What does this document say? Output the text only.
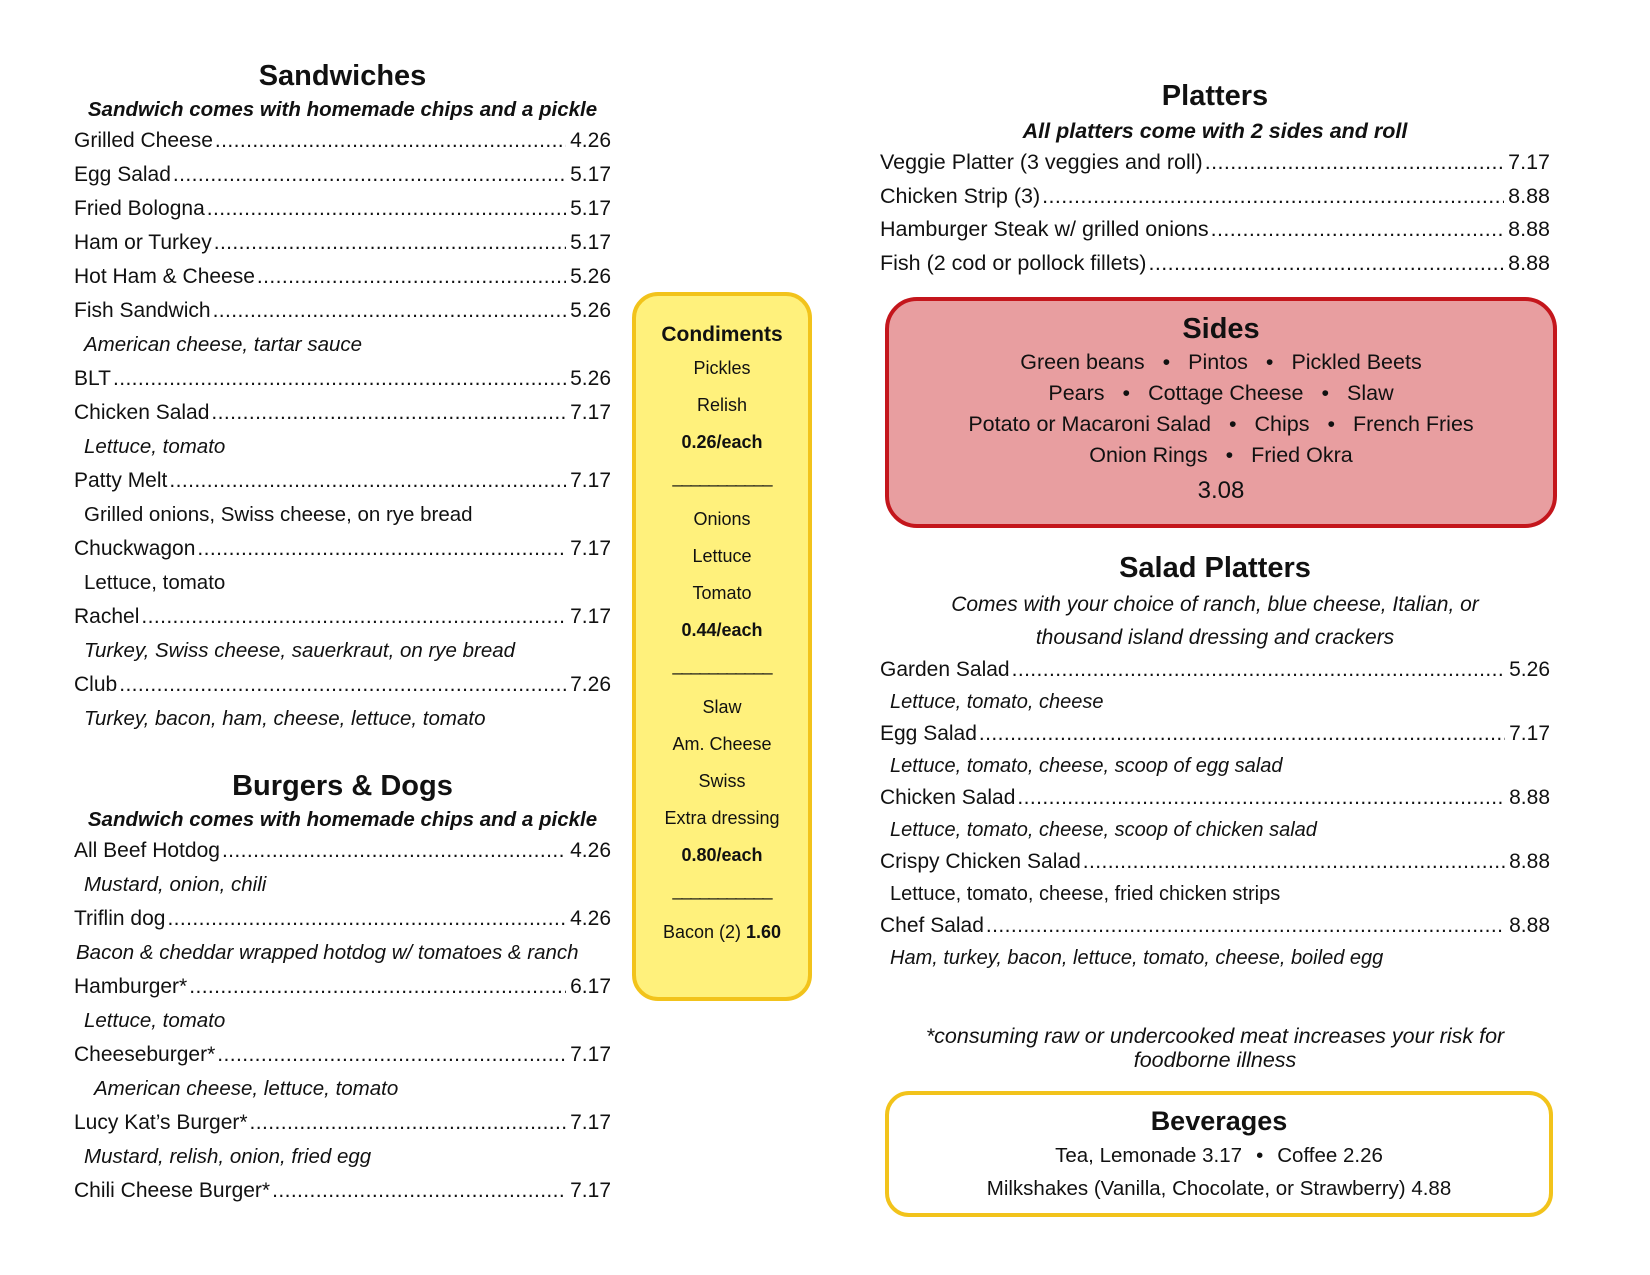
Sandwiches
Sandwich comes with homemade chips and a pickle
Grilled Cheese .....	4.26
Egg Salad .....	5.17
Fried Bologna .....	5.17
Ham or Turkey .....	5.17
Hot Ham & Cheese .....	5.26
Fish Sandwich .....	5.26
American cheese, tartar sauce
BLT .....	5.26
Chicken Salad .....	7.17
Lettuce, tomato
Patty Melt .....	7.17
Grilled onions, Swiss cheese, on rye bread
Chuckwagon .....	7.17
Lettuce, tomato
Rachel .....	7.17
Turkey, Swiss cheese, sauerkraut, on rye bread
Club .....	7.26
Turkey, bacon, ham, cheese, lettuce, tomato
Burgers & Dogs
Sandwich comes with homemade chips and a pickle
All Beef Hotdog .....	4.26
Mustard, onion, chili
Triflin dog .....	4.26
Bacon & cheddar wrapped hotdog w/ tomatoes & ranch
Hamburger* .....	6.17
Lettuce, tomato
Cheeseburger* .....	7.17
American cheese, lettuce, tomato
Lucy Kat’s Burger* .....	7.17
Mustard, relish, onion, fried egg
Chili Cheese Burger* .....	7.17
Condiments
Pickles
Relish
0.26/each
___________
Onions
Lettuce
Tomato
0.44/each
___________
Slaw
Am. Cheese
Swiss
Extra dressing
0.80/each
___________
Bacon (2) 1.60
Platters
All platters come with 2 sides and roll
Veggie Platter (3 veggies and roll) .....	7.17
Chicken Strip (3) .....	8.88
Hamburger Steak w/ grilled onions .....	8.88
Fish (2 cod or pollock fillets) .....	8.88
Sides
Green beans • Pintos • Pickled Beets
Pears • Cottage Cheese • Slaw
Potato or Macaroni Salad • Chips • French Fries
Onion Rings • Fried Okra
3.08
Salad Platters
Comes with your choice of ranch, blue cheese, Italian, or
thousand island dressing and crackers
Garden Salad .....	5.26
Lettuce, tomato, cheese
Egg Salad .....	7.17
Lettuce, tomato, cheese, scoop of egg salad
Chicken Salad .....	8.88
Lettuce, tomato, cheese, scoop of chicken salad
Crispy Chicken Salad .....	8.88
Lettuce, tomato, cheese, fried chicken strips
Chef Salad .....	8.88
Ham, turkey, bacon, lettuce, tomato, cheese, boiled egg
*consuming raw or undercooked meat increases your risk for
foodborne illness
Beverages
Tea, Lemonade 3.17 • Coffee 2.26
Milkshakes (Vanilla, Chocolate, or Strawberry) 4.88
